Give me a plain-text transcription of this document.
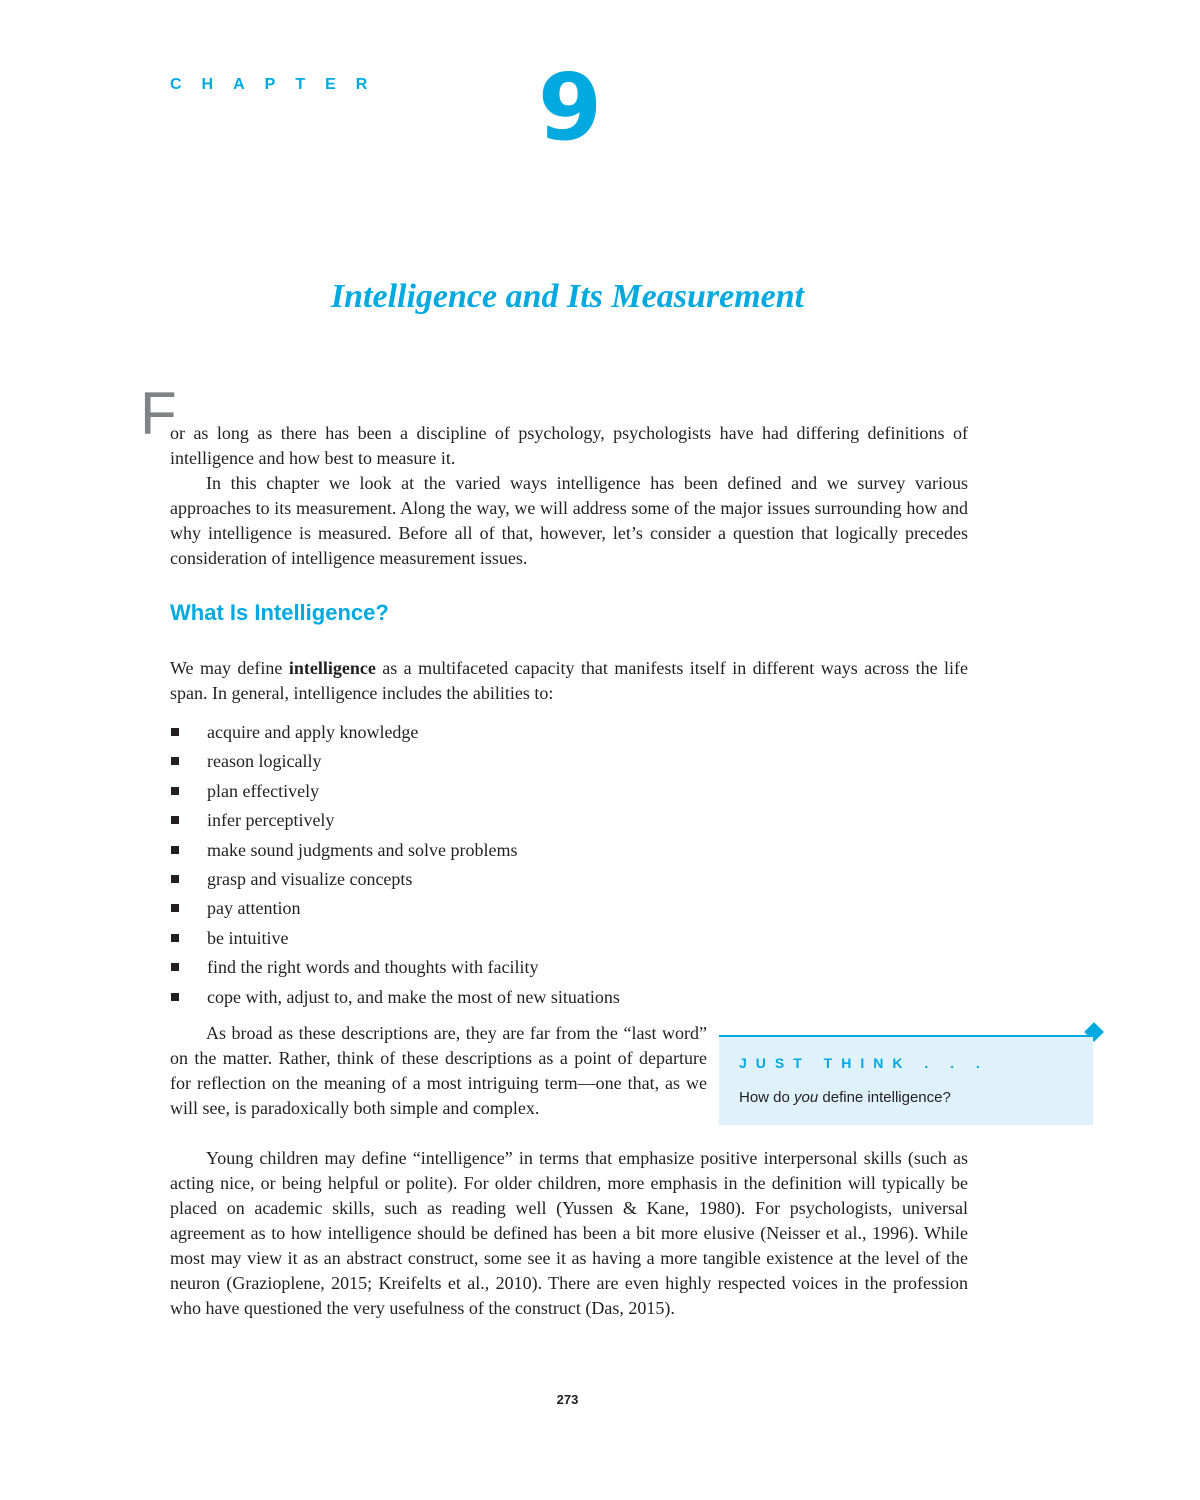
CHAPTER 9
Intelligence and Its Measurement
F

or as long as there has been a discipline of psychology, psychologists have had differing definitions of intelligence and how best to measure it.

In this chapter we look at the varied ways intelligence has been defined and we survey various approaches to its measurement. Along the way, we will address some of the major issues surrounding how and why intelligence is measured. Before all of that, however, let’s consider a question that logically precedes consideration of intelligence measurement issues.

What Is Intelligence?

We may define intelligence as a multifaceted capacity that manifests itself in different ways across the life span. In general, intelligence includes the abilities to:

acquire and apply knowledge
reason logically
plan effectively
infer perceptively
make sound judgments and solve problems
grasp and visualize concepts
pay attention
be intuitive
find the right words and thoughts with facility
cope with, adjust to, and make the most of new situations

As broad as these descriptions are, they are far from the “last word” on the matter. Rather, think of these descriptions as a point of departure for reflection on the meaning of a most intriguing term—one that, as we will see, is paradoxically both simple and complex.

JUST THINK . . .
How do you define intelligence?

Young children may define “intelligence” in terms that emphasize positive interpersonal skills (such as acting nice, or being helpful or polite). For older children, more emphasis in the definition will typically be placed on academic skills, such as reading well (Yussen & Kane, 1980). For psychologists, universal agreement as to how intelligence should be defined has been a bit more elusive (Neisser et al., 1996). While most may view it as an abstract construct, some see it as having a more tangible existence at the level of the neuron (Grazioplene, 2015; Kreifelts et al., 2010). There are even highly respected voices in the profession who have questioned the very usefulness of the construct (Das, 2015).

273
